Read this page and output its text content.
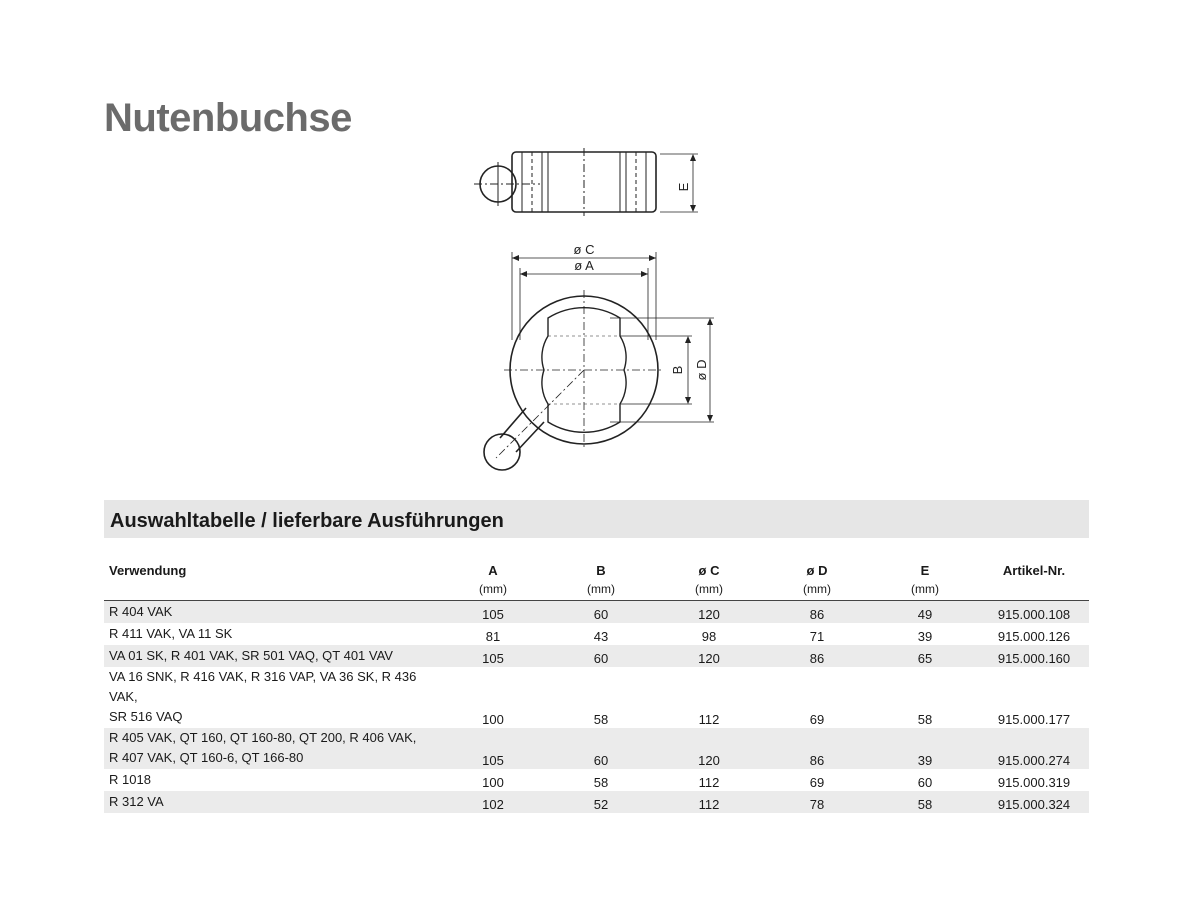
Nutenbuchse
E
ø C
ø A
B ø D
Auswahltabelle / lieferbare Ausführungen
Verwendung	A	B	ø C	ø D	E	Artikel-Nr.
	(mm)	(mm)	(mm)	(mm)	(mm)	
R 404 VAK	105	60	120	86	49	915.000.108
R 411 VAK, VA 11 SK	81	43	98	71	39	915.000.126
VA 01 SK, R 401 VAK, SR 501 VAQ, QT 401 VAV	105	60	120	86	65	915.000.160
VA 16 SNK, R 416 VAK, R 316 VAP, VA 36 SK, R 436 VAK,
SR 516 VAQ	100	58	112	69	58	915.000.177
R 405 VAK, QT 160, QT 160-80, QT 200, R 406 VAK,
R 407 VAK, QT 160-6, QT 166-80	105	60	120	86	39	915.000.274
R 1018	100	58	112	69	60	915.000.319
R 312 VA	102	52	112	78	58	915.000.324
